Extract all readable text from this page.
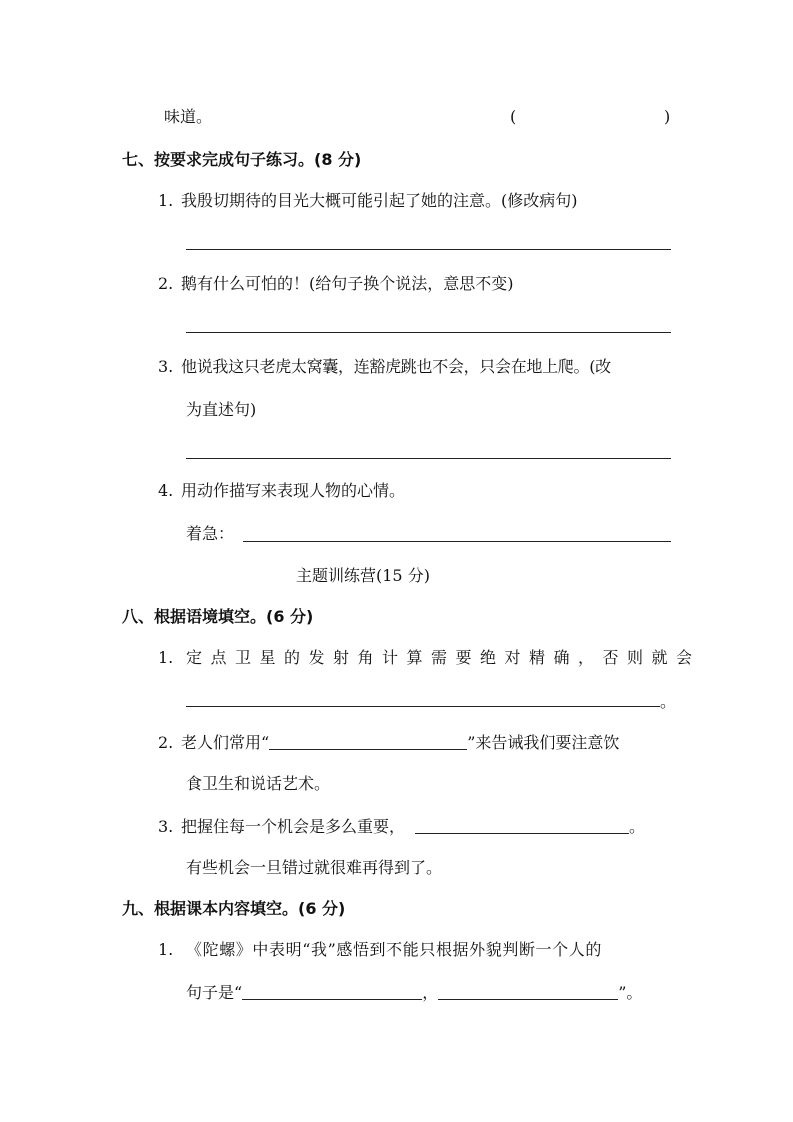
味道。	(	)
七、按要求完成句子练习。(8 分)
1. 我殷切期待的目光大概可能引起了她的注意。(修改病句)
2. 鹅有什么可怕的！(给句子换个说法，意思不变)
3. 他说我这只老虎太窝囊，连豁虎跳也不会，只会在地上爬。(改
为直述句)
4. 用动作描写来表现人物的心情。
着急：
主题训练营(15 分)
八、根据语境填空。(6 分)
1. 定点卫星的发射角计算需要绝对精确，否则就会
。
2. 老人们常用“	”来告诫我们要注意饮
食卫生和说话艺术。
3. 把握住每一个机会是多么重要，	。
有些机会一旦错过就很难再得到了。
九、根据课本内容填空。(6 分)
1. 《陀螺》中表明“我”感悟到不能只根据外貌判断一个人的
句子是“	，	”。
